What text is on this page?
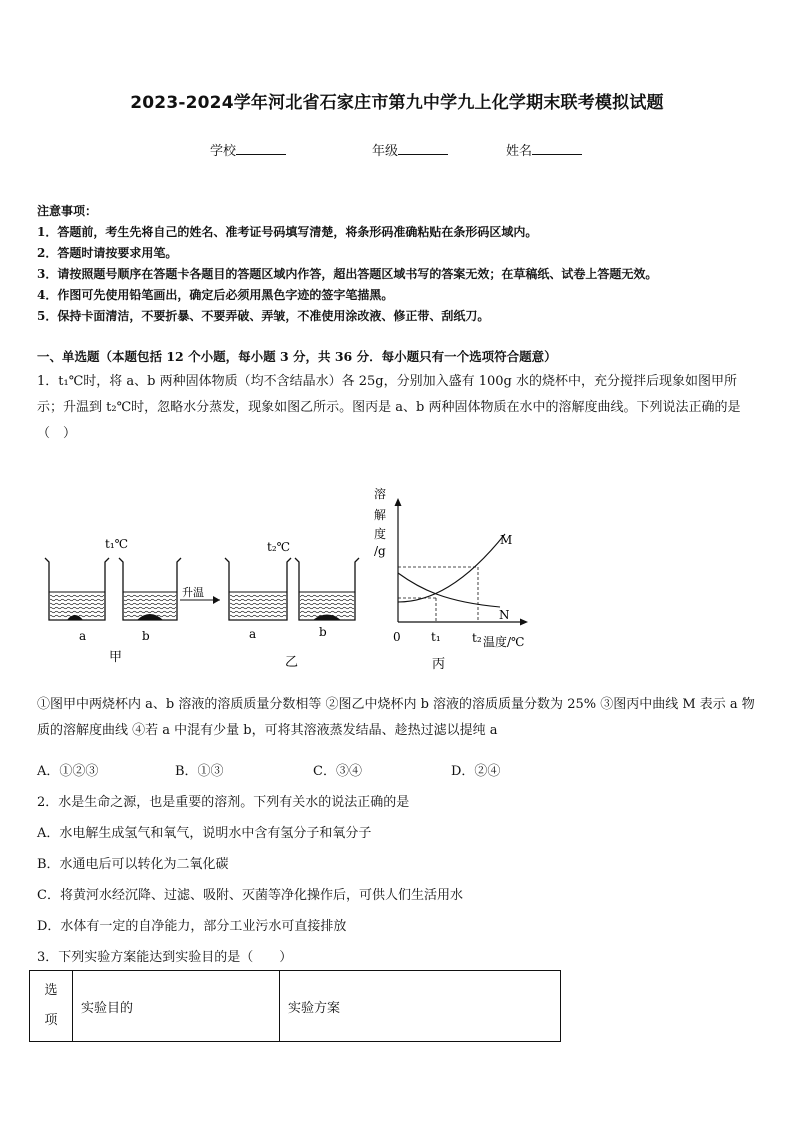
2023-2024学年河北省石家庄市第九中学九上化学期末联考模拟试题
学校	年级	姓名
注意事项：
1．答题前，考生先将自己的姓名、准考证号码填写清楚，将条形码准确粘贴在条形码区域内。
2．答题时请按要求用笔。
3．请按照题号顺序在答题卡各题目的答题区域内作答，超出答题区域书写的答案无效；在草稿纸、试卷上答题无效。
4．作图可先使用铅笔画出，确定后必须用黑色字迹的签字笔描黑。
5．保持卡面清洁，不要折暴、不要弄破、弄皱，不准使用涂改液、修正带、刮纸刀。
一、单选题（本题包括 12 个小题，每小题 3 分，共 36 分．每小题只有一个选项符合题意）
1．t₁℃时，将 a、b 两种固体物质（均不含结晶水）各 25g，分别加入盛有 100g 水的烧杯中，充分搅拌后现象如图甲所示；升温到 t₂℃时，忽略水分蒸发，现象如图乙所示。图丙是 a、b 两种固体物质在水中的溶解度曲线。下列说法正确的是（　）
t₁℃	t₂℃
升温
a	b	a	b
甲	乙
溶
解
度
/g
M
N
0	t₁	t₂ 温度/℃
丙
①图甲中两烧杯内 a、b 溶液的溶质质量分数相等 ②图乙中烧杯内 b 溶液的溶质质量分数为 25% ③图丙中曲线 M 表示 a 物质的溶解度曲线 ④若 a 中混有少量 b，可将其溶液蒸发结晶、趁热过滤以提纯 a
A．①②③	B．①③	C．③④	D．②④
2．水是生命之源，也是重要的溶剂。下列有关水的说法正确的是
A．水电解生成氢气和氧气，说明水中含有氢分子和氧分子
B．水通电后可以转化为二氧化碳
C．将黄河水经沉降、过滤、吸附、灭菌等净化操作后，可供人们生活用水
D．水体有一定的自净能力，部分工业污水可直接排放
3．下列实验方案能达到实验目的是（　　）
选
项
	实验目的	实验方案
